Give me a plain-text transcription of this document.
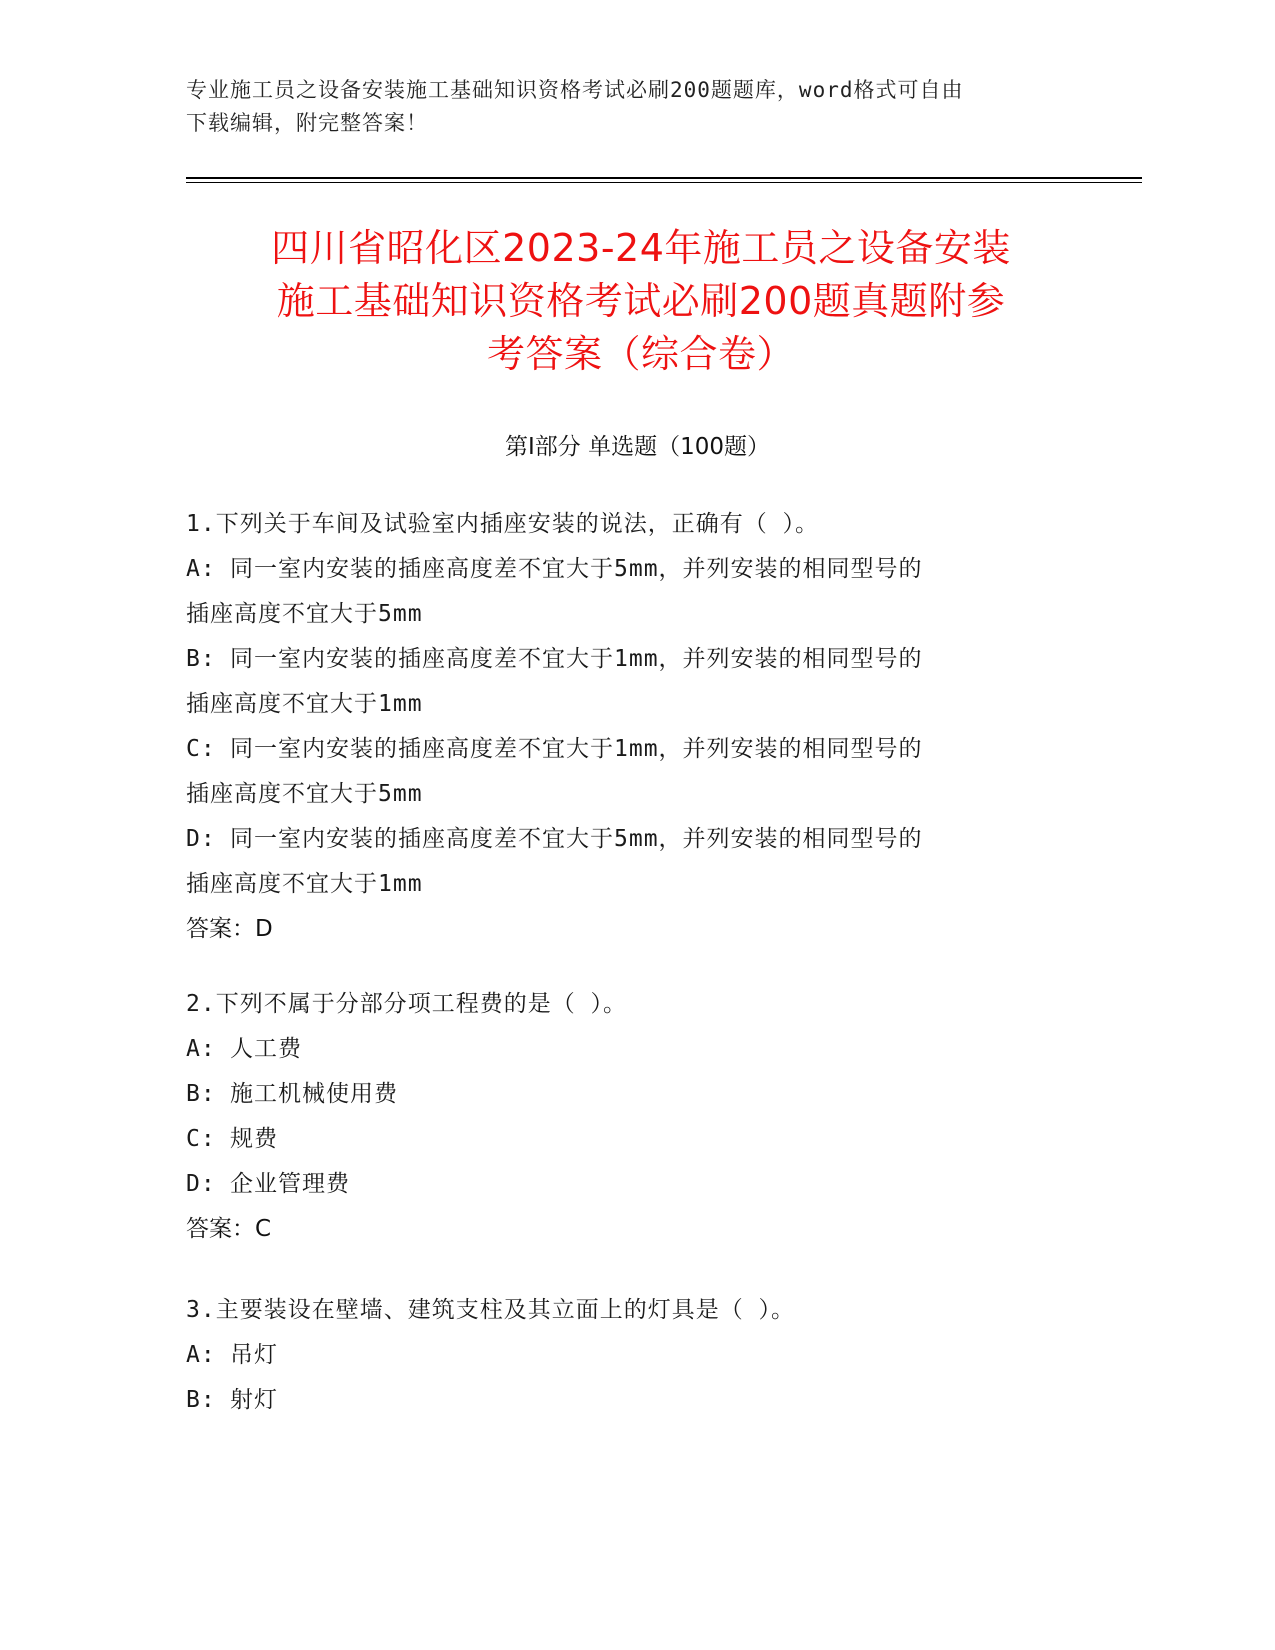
专业施工员之设备安装施工基础知识资格考试必刷200题题库，word格式可自由
下载编辑，附完整答案！
四川省昭化区2023-24年施工员之设备安装
施工基础知识资格考试必刷200题真题附参
考答案（综合卷）
第Ⅰ部分 单选题（100题）
1.下列关于车间及试验室内插座安装的说法，正确有（ ）。
A: 同一室内安装的插座高度差不宜大于5mm，并列安装的相同型号的
插座高度不宜大于5mm
B: 同一室内安装的插座高度差不宜大于1mm，并列安装的相同型号的
插座高度不宜大于1mm
C: 同一室内安装的插座高度差不宜大于1mm，并列安装的相同型号的
插座高度不宜大于5mm
D: 同一室内安装的插座高度差不宜大于5mm，并列安装的相同型号的
插座高度不宜大于1mm
答案：D
2.下列不属于分部分项工程费的是（ ）。
A: 人工费
B: 施工机械使用费
C: 规费
D: 企业管理费
答案：C
3.主要装设在壁墙、建筑支柱及其立面上的灯具是（ ）。
A: 吊灯
B: 射灯
